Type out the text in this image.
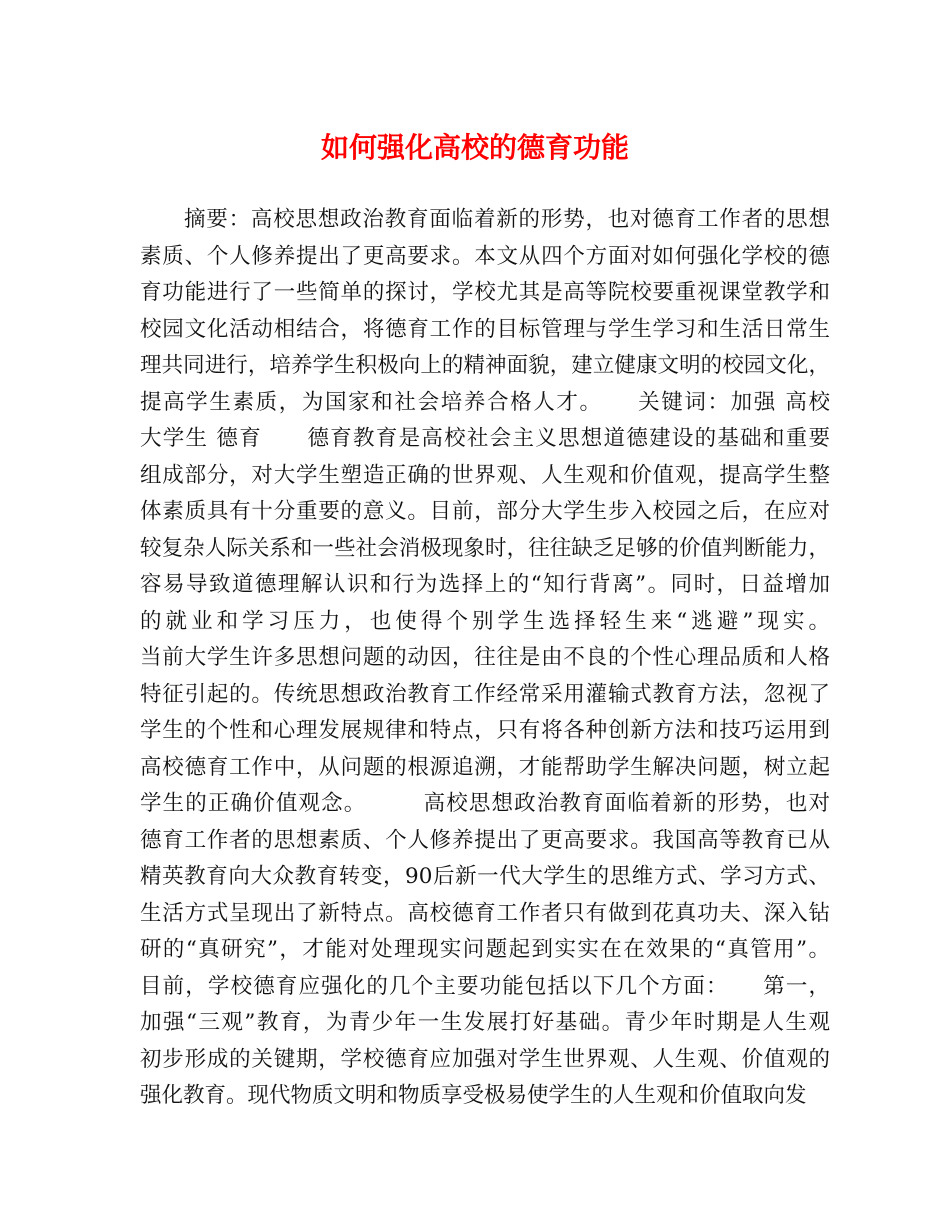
如何强化高校的德育功能
摘要：高校思想政治教育面临着新的形势，也对德育工作者的思想
素质、个人修养提出了更高要求。本文从四个方面对如何强化学校的德
育功能进行了一些简单的探讨，学校尤其是高等院校要重视课堂教学和
校园文化活动相结合，将德育工作的目标管理与学生学习和生活日常生
理共同进行，培养学生积极向上的精神面貌，建立健康文明的校园文化，
提高学生素质，为国家和社会培养合格人才。　　关键词：加强 高校
大学生 德育　　德育教育是高校社会主义思想道德建设的基础和重要
组成部分，对大学生塑造正确的世界观、人生观和价值观，提高学生整
体素质具有十分重要的意义。目前，部分大学生步入校园之后，在应对
较复杂人际关系和一些社会消极现象时，往往缺乏足够的价值判断能力，
容易导致道德理解认识和行为选择上的“知行背离”。同时，日益增加
的就业和学习压力，也使得个别学生选择轻生来“逃避”现实。
当前大学生许多思想问题的动因，往往是由不良的个性心理品质和人格
特征引起的。传统思想政治教育工作经常采用灌输式教育方法，忽视了
学生的个性和心理发展规律和特点，只有将各种创新方法和技巧运用到
高校德育工作中，从问题的根源追溯，才能帮助学生解决问题，树立起
学生的正确价值观念。　　　高校思想政治教育面临着新的形势，也对
德育工作者的思想素质、个人修养提出了更高要求。我国高等教育已从
精英教育向大众教育转变，90后新一代大学生的思维方式、学习方式、
生活方式呈现出了新特点。高校德育工作者只有做到花真功夫、深入钻
研的“真研究”，才能对处理现实问题起到实实在在效果的“真管用”。
目前，学校德育应强化的几个主要功能包括以下几个方面：　　第一，
加强“三观”教育，为青少年一生发展打好基础。青少年时期是人生观
初步形成的关键期，学校德育应加强对学生世界观、人生观、价值观的
强化教育。现代物质文明和物质享受极易使学生的人生观和价值取向发
